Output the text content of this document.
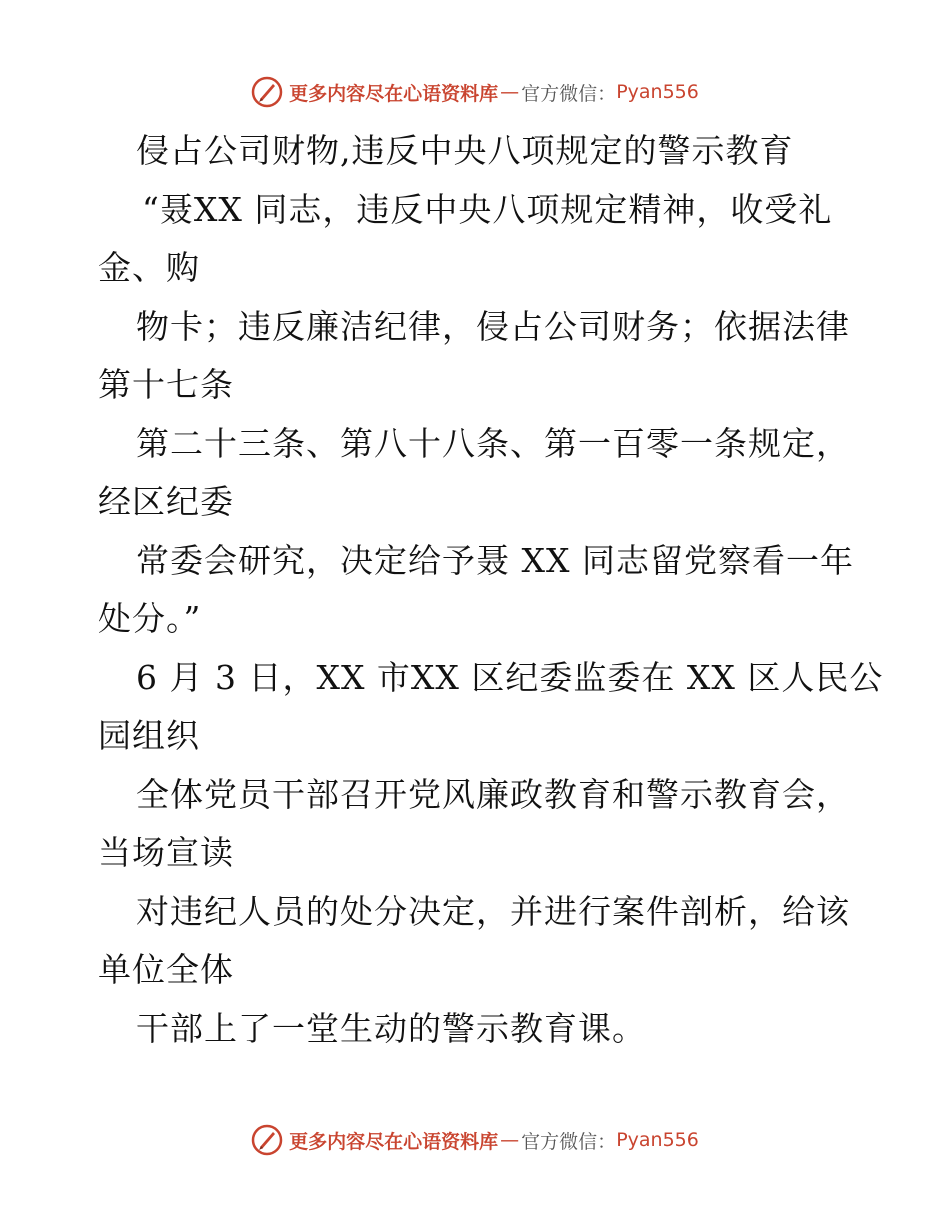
更多内容尽在心语资料库 — 官方微信： Pyan556
侵占公司财物,违反中央八项规定的警示教育
“聂XX 同志，违反中央八项规定精神，收受礼
金、购
物卡；违反廉洁纪律，侵占公司财务；依据法律
第十七条
第二十三条、第八十八条、第一百零一条规定，
经区纪委
常委会研究，决定给予聂 XX 同志留党察看一年
处分。”
6 月 3 日，XX 市XX 区纪委监委在 XX 区人民公
园组织
全体党员干部召开党风廉政教育和警示教育会，
当场宣读
对违纪人员的处分决定，并进行案件剖析，给该
单位全体
干部上了一堂生动的警示教育课。
更多内容尽在心语资料库 — 官方微信： Pyan556
